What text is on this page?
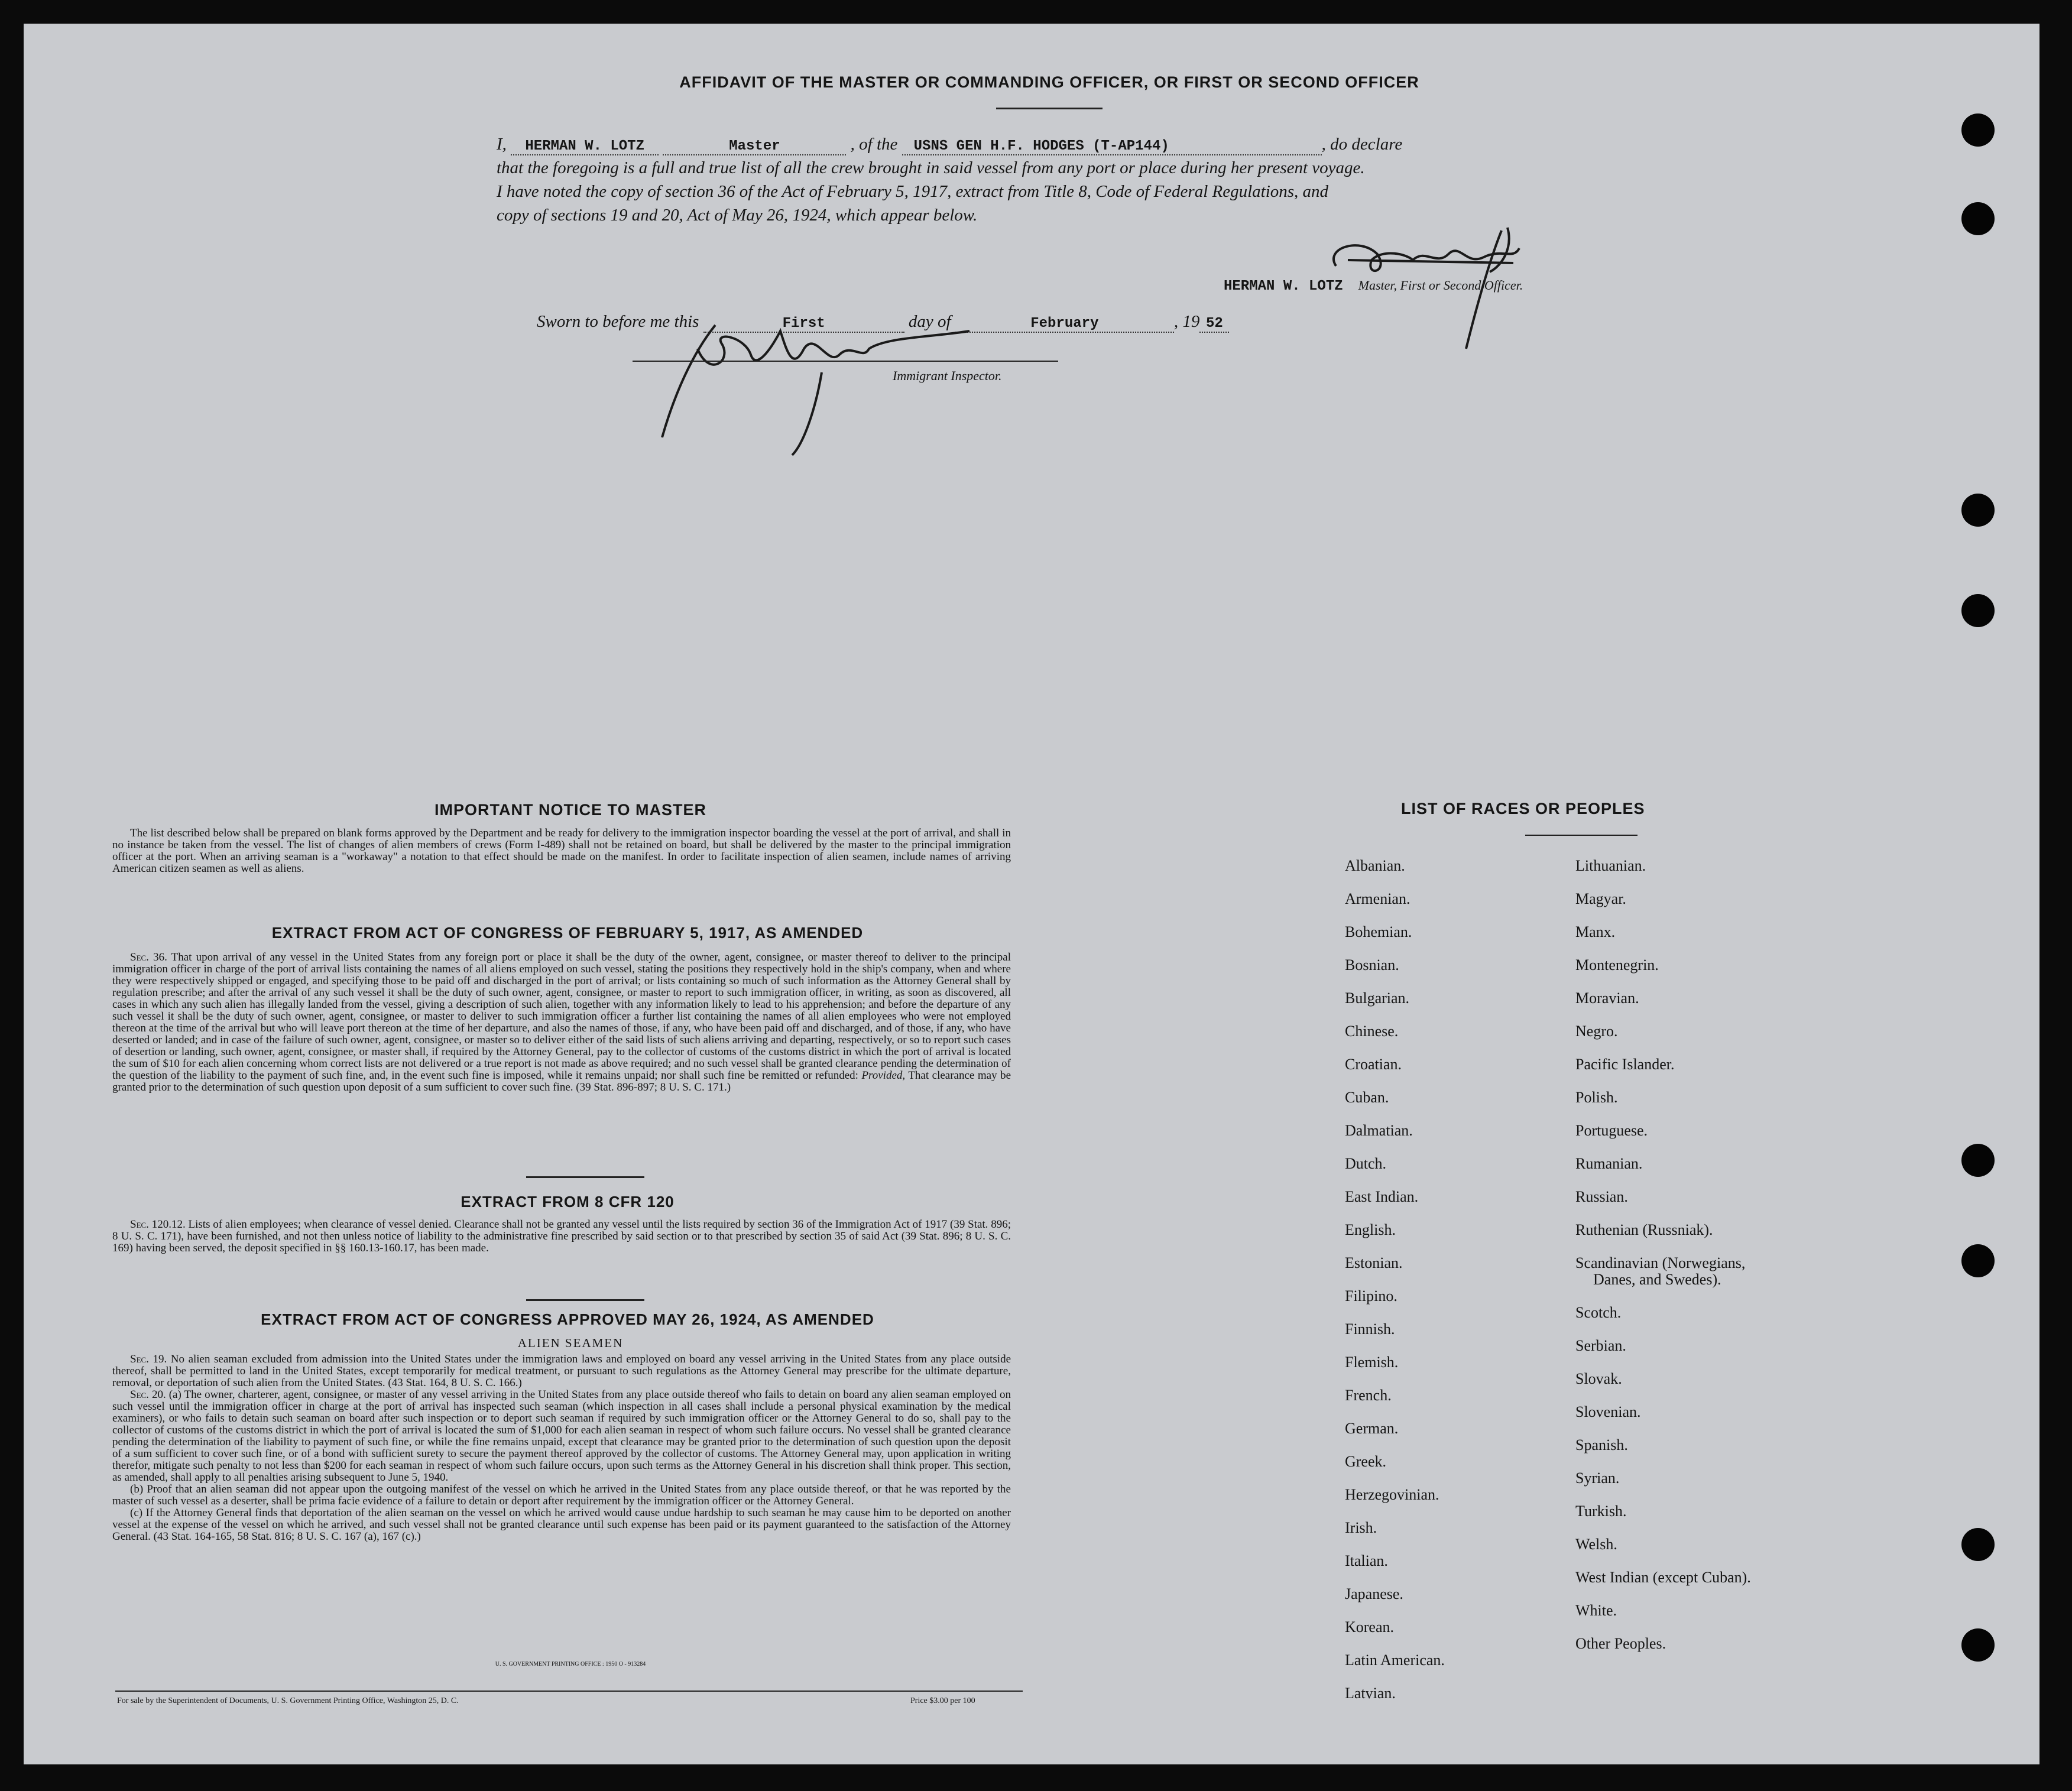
AFFIDAVIT OF THE MASTER OR COMMANDING OFFICER, OR FIRST OR SECOND OFFICER
I, HERMAN W. LOTZ	Master	, of the USNS GEN H.F. HODGES (T-AP144)	, do declare
that the foregoing is a full and true list of all the crew brought in said vessel from any port or place during her present voyage.
I have noted the copy of section 36 of the Act of February 5, 1917, extract from Title 8, Code of Federal Regulations, and
copy of sections 19 and 20, Act of May 26, 1924, which appear below.
HERMAN W. LOTZ Master, First or Second Officer.
Sworn to before me this	First	day of	February	, 19 52
Immigrant Inspector.
IMPORTANT NOTICE TO MASTER

The list described below shall be prepared on blank forms approved by the Department and be ready for delivery to the immigration inspector boarding the vessel at the port of arrival, and shall in no instance be taken from the vessel. The list of changes of alien members of crews (Form I-489) shall not be retained on board, but shall be delivered by the master to the principal immigration officer at the port. When an arriving seaman is a "workaway" a notation to that effect should be made on the manifest. In order to facilitate inspection of alien seamen, include names of arriving American citizen seamen as well as aliens.

EXTRACT FROM ACT OF CONGRESS OF FEBRUARY 5, 1917, AS AMENDED

Sec. 36. That upon arrival of any vessel in the United States from any foreign port or place it shall be the duty of the owner, agent, consignee, or master thereof to deliver to the principal immigration officer in charge of the port of arrival lists containing the names of all aliens employed on such vessel, stating the positions they respectively hold in the ship's company, when and where they were respectively shipped or engaged, and specifying those to be paid off and discharged in the port of arrival; or lists containing so much of such information as the Attorney General shall by regulation prescribe; and after the arrival of any such vessel it shall be the duty of such owner, agent, consignee, or master to report to such immigration officer, in writing, as soon as discovered, all cases in which any such alien has illegally landed from the vessel, giving a description of such alien, together with any information likely to lead to his apprehension; and before the departure of any such vessel it shall be the duty of such owner, agent, consignee, or master to deliver to such immigration officer a further list containing the names of all alien employees who were not employed thereon at the time of the arrival but who will leave port thereon at the time of her departure, and also the names of those, if any, who have been paid off and discharged, and of those, if any, who have deserted or landed; and in case of the failure of such owner, agent, consignee, or master so to deliver either of the said lists of such aliens arriving and departing, respectively, or so to report such cases of desertion or landing, such owner, agent, consignee, or master shall, if required by the Attorney General, pay to the collector of customs of the customs district in which the port of arrival is located the sum of $10 for each alien concerning whom correct lists are not delivered or a true report is not made as above required; and no such vessel shall be granted clearance pending the determination of the question of the liability to the payment of such fine, and, in the event such fine is imposed, while it remains unpaid; nor shall such fine be remitted or refunded: Provided, That clearance may be granted prior to the determination of such question upon deposit of a sum sufficient to cover such fine. (39 Stat. 896-897; 8 U. S. C. 171.)

EXTRACT FROM 8 CFR 120

Sec. 120.12. Lists of alien employees; when clearance of vessel denied. Clearance shall not be granted any vessel until the lists required by section 36 of the Immigration Act of 1917 (39 Stat. 896; 8 U. S. C. 171), have been furnished, and not then unless notice of liability to the administrative fine prescribed by said section or to that prescribed by section 35 of said Act (39 Stat. 896; 8 U. S. C. 169) having been served, the deposit specified in §§ 160.13-160.17, has been made.

EXTRACT FROM ACT OF CONGRESS APPROVED MAY 26, 1924, AS AMENDED
ALIEN SEAMEN

Sec. 19. No alien seaman excluded from admission into the United States under the immigration laws and employed on board any vessel arriving in the United States from any place outside thereof, shall be permitted to land in the United States, except temporarily for medical treatment, or pursuant to such regulations as the Attorney General may prescribe for the ultimate departure, removal, or deportation of such alien from the United States. (43 Stat. 164, 8 U. S. C. 166.)

Sec. 20. (a) The owner, charterer, agent, consignee, or master of any vessel arriving in the United States from any place outside thereof who fails to detain on board any alien seaman employed on such vessel until the immigration officer in charge at the port of arrival has inspected such seaman (which inspection in all cases shall include a personal physical examination by the medical examiners), or who fails to detain such seaman on board after such inspection or to deport such seaman if required by such immigration officer or the Attorney General to do so, shall pay to the collector of customs of the customs district in which the port of arrival is located the sum of $1,000 for each alien seaman in respect of whom such failure occurs. No vessel shall be granted clearance pending the determination of the liability to payment of such fine, or while the fine remains unpaid, except that clearance may be granted prior to the determination of such question upon the deposit of a sum sufficient to cover such fine, or of a bond with sufficient surety to secure the payment thereof approved by the collector of customs. The Attorney General may, upon application in writing therefor, mitigate such penalty to not less than $200 for each seaman in respect of whom such failure occurs, upon such terms as the Attorney General in his discretion shall think proper. This section, as amended, shall apply to all penalties arising subsequent to June 5, 1940.

(b) Proof that an alien seaman did not appear upon the outgoing manifest of the vessel on which he arrived in the United States from any place outside thereof, or that he was reported by the master of such vessel as a deserter, shall be prima facie evidence of a failure to detain or deport after requirement by the immigration officer or the Attorney General.

(c) If the Attorney General finds that deportation of the alien seaman on the vessel on which he arrived would cause undue hardship to such seaman he may cause him to be deported on another vessel at the expense of the vessel on which he arrived, and such vessel shall not be granted clearance until such expense has been paid or its payment guaranteed to the satisfaction of the Attorney General. (43 Stat. 164-165, 58 Stat. 816; 8 U. S. C. 167 (a), 167 (c).)

U. S. GOVERNMENT PRINTING OFFICE : 1950 O - 913284
For sale by the Superintendent of Documents, U. S. Government Printing Office, Washington 25, D. C.	Price $3.00 per 100
LIST OF RACES OR PEOPLES
Albanian.
Armenian.
Bohemian.
Bosnian.
Bulgarian.
Chinese.
Croatian.
Cuban.
Dalmatian.
Dutch.
East Indian.
English.
Estonian.
Filipino.
Finnish.
Flemish.
French.
German.
Greek.
Herzegovinian.
Irish.
Italian.
Japanese.
Korean.
Latin American.
Latvian.
Lithuanian.
Magyar.
Manx.
Montenegrin.
Moravian.
Negro.
Pacific Islander.
Polish.
Portuguese.
Rumanian.
Russian.
Ruthenian (Russniak).
Scandinavian (Norwegians,
Danes, and Swedes).
Scotch.
Serbian.
Slovak.
Slovenian.
Spanish.
Syrian.
Turkish.
Welsh.
West Indian (except Cuban).
White.
Other Peoples.
